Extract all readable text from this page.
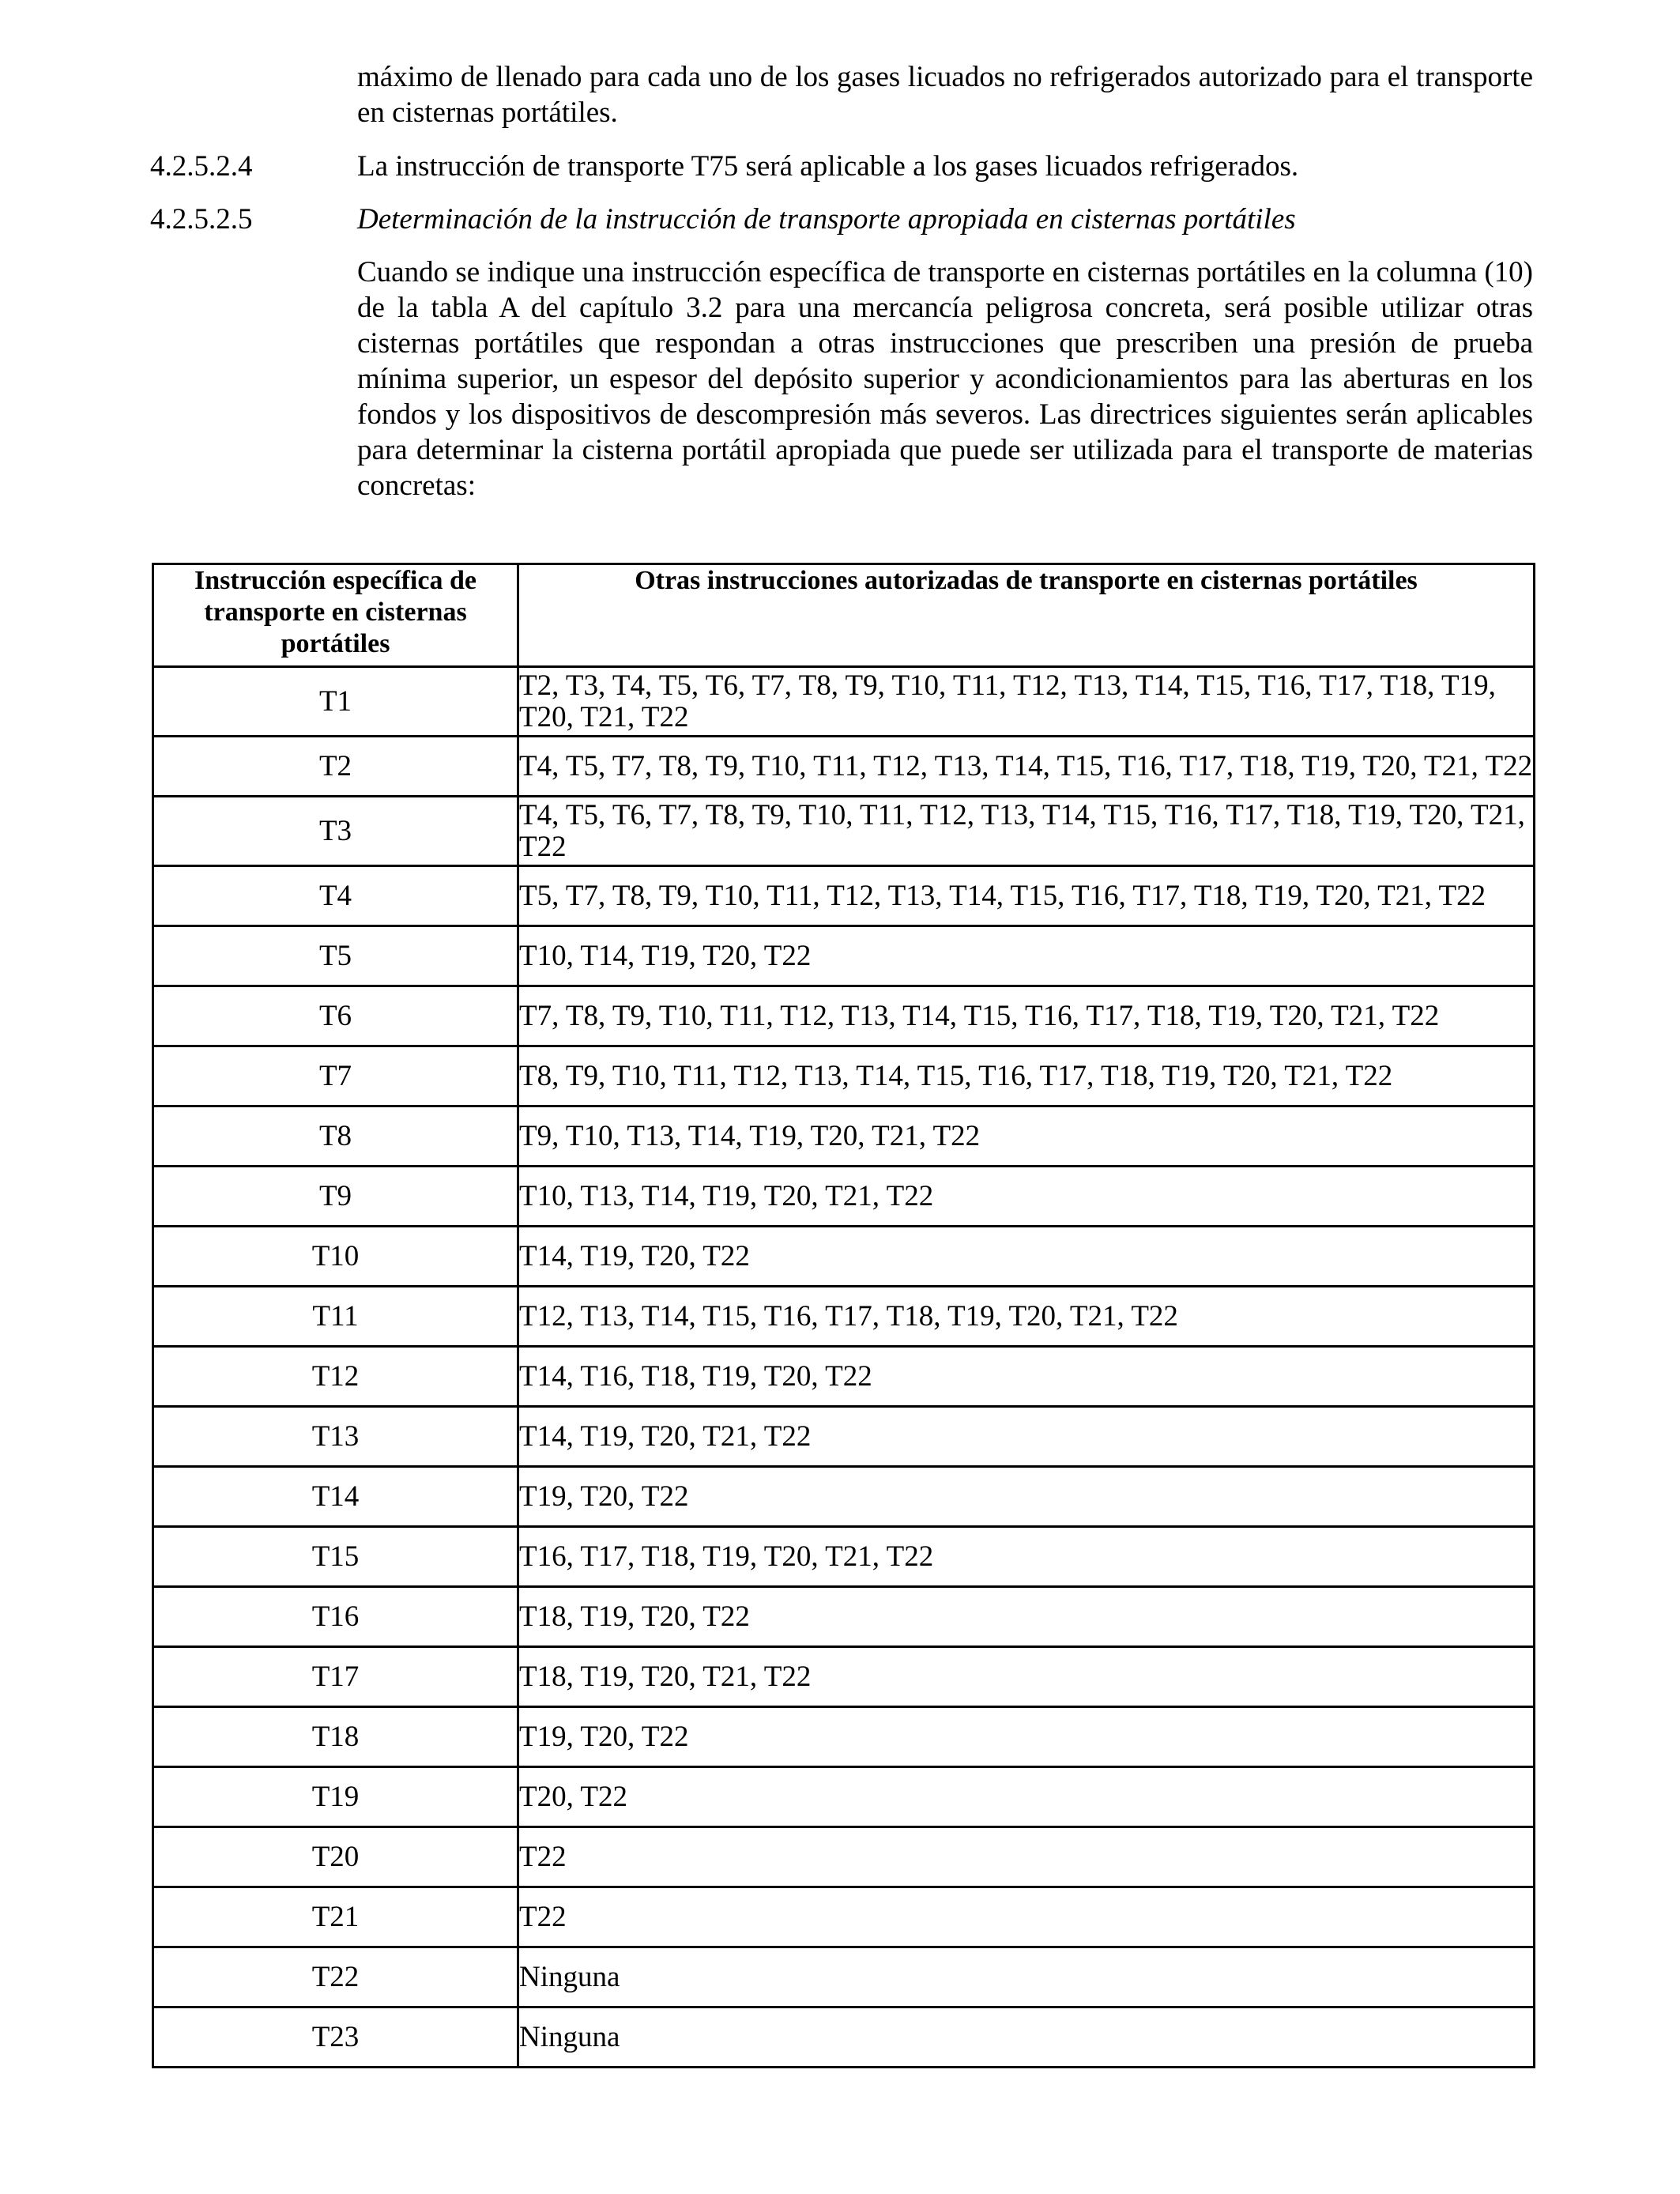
máximo de llenado para cada uno de los gases licuados no refrigerados autorizado para el transporte en cisternas portátiles.
4.2.5.2.4	La instrucción de transporte T75 será aplicable a los gases licuados refrigerados.
4.2.5.2.5	Determinación de la instrucción de transporte apropiada en cisternas portátiles
Cuando se indique una instrucción específica de transporte en cisternas portátiles en la columna (10) de la tabla A del capítulo 3.2 para una mercancía peligrosa concreta, será posible utilizar otras cisternas portátiles que respondan a otras instrucciones que prescriben una presión de prueba mínima superior, un espesor del depósito superior y acondicionamientos para las aberturas en los fondos y los dispositivos de descompresión más severos. Las directrices siguientes serán aplicables para determinar la cisterna portátil apropiada que puede ser utilizada para el transporte de materias concretas:
Instrucción específica de transporte en cisternas portátiles	Otras instrucciones autorizadas de transporte en cisternas portátiles
T1	T2, T3, T4, T5, T6, T7, T8, T9, T10, T11, T12, T13, T14, T15, T16, T17, T18, T19, T20, T21, T22
T2	T4, T5, T7, T8, T9, T10, T11, T12, T13, T14, T15, T16, T17, T18, T19, T20, T21, T22
T3	T4, T5, T6, T7, T8, T9, T10, T11, T12, T13, T14, T15, T16, T17, T18, T19, T20, T21, T22
T4	T5, T7, T8, T9, T10, T11, T12, T13, T14, T15, T16, T17, T18, T19, T20, T21, T22
T5	T10, T14, T19, T20, T22
T6	T7, T8, T9, T10, T11, T12, T13, T14, T15, T16, T17, T18, T19, T20, T21, T22
T7	T8, T9, T10, T11, T12, T13, T14, T15, T16, T17, T18, T19, T20, T21, T22
T8	T9, T10, T13, T14, T19, T20, T21, T22
T9	T10, T13, T14, T19, T20, T21, T22
T10	T14, T19, T20, T22
T11	T12, T13, T14, T15, T16, T17, T18, T19, T20, T21, T22
T12	T14, T16, T18, T19, T20, T22
T13	T14, T19, T20, T21, T22
T14	T19, T20, T22
T15	T16, T17, T18, T19, T20, T21, T22
T16	T18, T19, T20, T22
T17	T18, T19, T20, T21, T22
T18	T19, T20, T22
T19	T20, T22
T20	T22
T21	T22
T22	Ninguna
T23	Ninguna
